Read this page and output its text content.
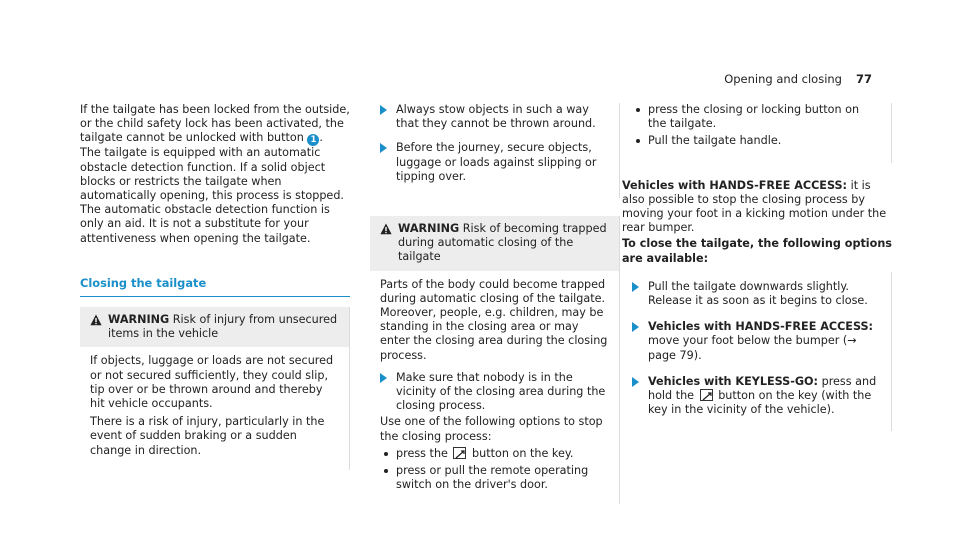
Opening and closing 77

If the tailgate has been locked from the outside, or the child safety lock has been activated, the tailgate cannot be unlocked with button 1 .

The tailgate is equipped with an automatic obstacle detection function. If a solid object blocks or restricts the tailgate when automatically opening, this process is stopped. The automatic obstacle detection function is only an aid. It is not a substitute for your attentiveness when opening the tailgate.

Closing the tailgate
WARNING Risk of injury from unsecured items in the vehicle

If objects, luggage or loads are not secured or not secured sufficiently, they could slip, tip over or be thrown around and thereby hit vehicle occupants.

There is a risk of injury, particularly in the event of sudden braking or a sudden change in direction.

Always stow objects in such a way that they cannot be thrown around.
Before the journey, secure objects, luggage or loads against slipping or tipping over.
WARNING Risk of becoming trapped during automatic closing of the tailgate

Parts of the body could become trapped during automatic closing of the tailgate. Moreover, people, e.g. children, may be standing in the closing area or may enter the closing area during the closing process.

Make sure that nobody is in the vicinity of the closing area during the closing process.

Use one of the following options to stop the closing process:

press the button on the key.
press or pull the remote operating switch on the driver's door.
press the closing or locking button on the tailgate.
Pull the tailgate handle.

Vehicles with HANDS-FREE ACCESS: it is also possible to stop the closing process by moving your foot in a kicking motion under the rear bumper.

To close the tailgate, the following options are available:

Pull the tailgate downwards slightly. Release it as soon as it begins to close.
Vehicles with HANDS-FREE ACCESS: move your foot below the bumper (→ page 79).
Vehicles with KEYLESS-GO: press and hold the button on the key (with the key in the vicinity of the vehicle).
